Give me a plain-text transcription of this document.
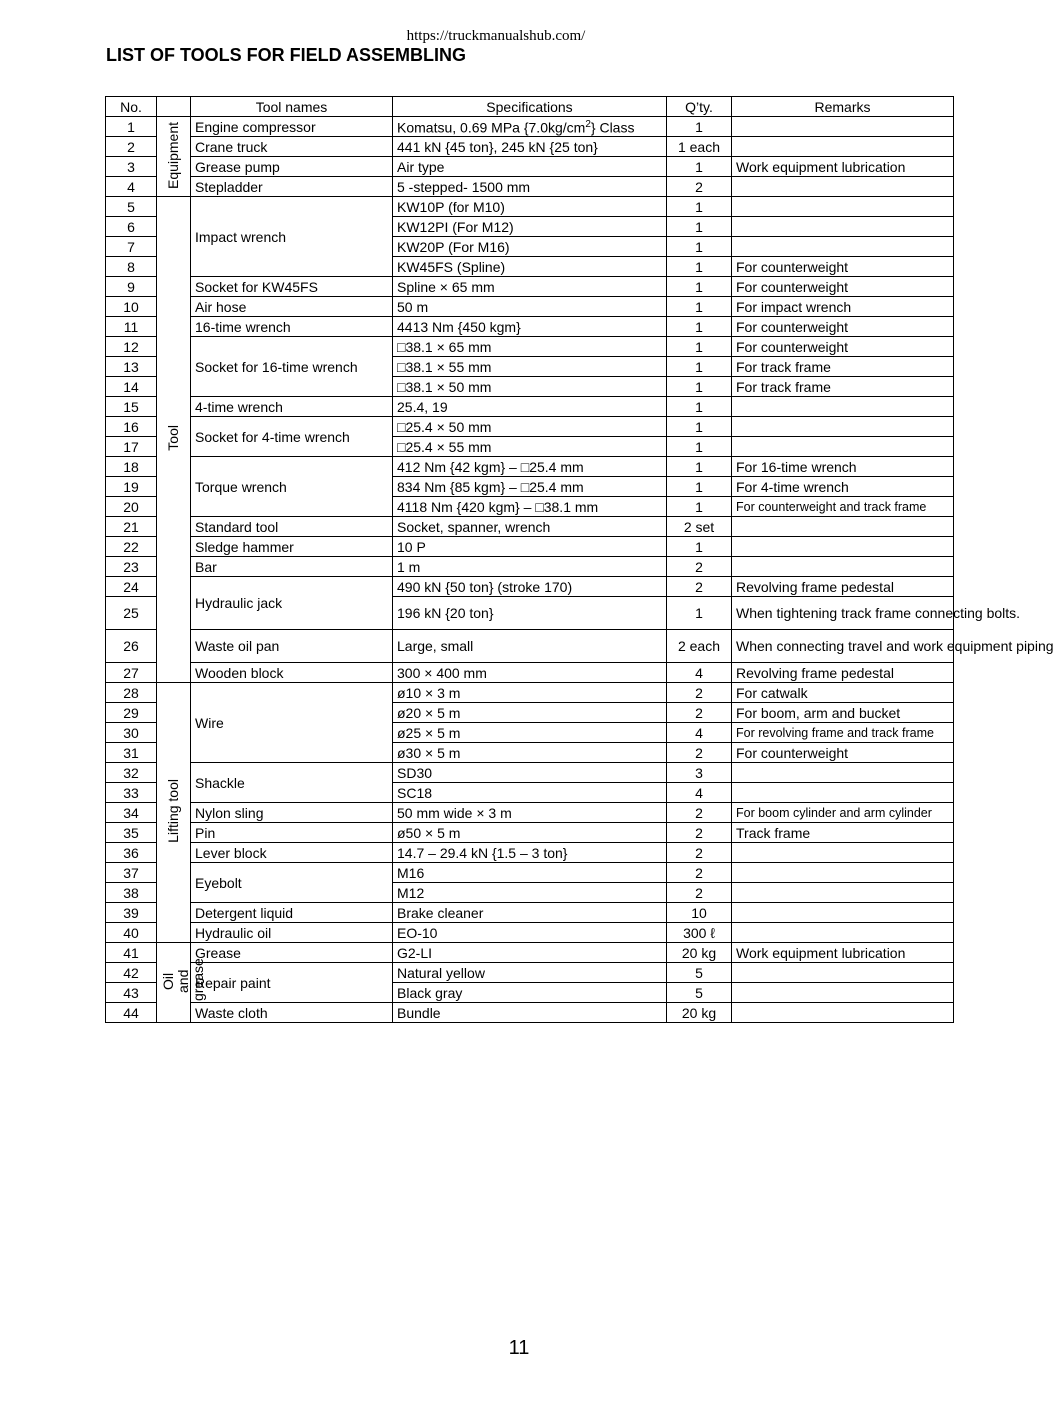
https://truckmanualshub.com/
LIST OF TOOLS FOR FIELD ASSEMBLING
No.		Tool names	Specifications	Q’ty.	Remarks
1	Equipment	Engine compressor	Komatsu, 0.69 MPa $\{7.0kg/cm^2\}$ Class	1	
2		Crane truck	441 kN {45 ton}, 245 kN {25 ton}	1 each	
3		Grease pump	Air type	1	Work equipment lubrication
4		Stepladder	5 -stepped- 1500 mm	2	
5	Tool	Impact wrench	KW10P (for M10)	1	
6			KW12PI (For M12)	1	
7			KW20P (For M16)	1	
8			KW45FS (Spline)	1	For counterweight
9		Socket for KW45FS	Spline × 65 mm	1	For counterweight
10		Air hose	50 m	1	For impact wrench
11		16-time wrench	4413 Nm {450 kgm}	1	For counterweight
12		Socket for 16-time wrench	□38.1 × 65 mm	1	For counterweight
13			□38.1 × 55 mm	1	For track frame
14			□38.1 × 50 mm	1	For track frame
15		4-time wrench	25.4, 19	1	
16		Socket for 4-time wrench	□25.4 × 50 mm	1	
17			□25.4 × 55 mm	1	
18		Torque wrench	412 Nm {42 kgm} – □25.4 mm	1	For 16-time wrench
19			834 Nm {85 kgm} – □25.4 mm	1	For 4-time wrench
20			4118 Nm {420 kgm} – □38.1 mm	1	For counterweight and track frame
21		Standard tool	Socket, spanner, wrench	2 set	
22		Sledge hammer	10 P	1	
23		Bar	1 m	2	
24		Hydraulic jack	490 kN {50 ton} (stroke 170)	2	Revolving frame pedestal
25			196 kN {20 ton}	1	When tightening track frame connecting bolts.
26		Waste oil pan	Large, small	2 each	When connecting travel and work equipment piping
27		Wooden block	300 × 400 mm	4	Revolving frame pedestal
28	Lifting tool	Wire	ø10 × 3 m	2	For catwalk
29			ø20 × 5 m	2	For boom, arm and bucket
30			ø25 × 5 m	4	For revolving frame and track frame
31			ø30 × 5 m	2	For counterweight
32		Shackle	SD30	3	
33			SC18	4	
34		Nylon sling	50 mm wide × 3 m	2	For boom cylinder and arm cylinder
35		Pin	ø50 × 5 m	2	Track frame
36		Lever block	14.7 – 29.4 kN {1.5 – 3 ton}	2	
37		Eyebolt	M16	2	
38			M12	2	
39		Detergent liquid	Brake cleaner	10	
40		Hydraulic oil	EO-10	300 ℓ	
41	Oil and grease	Grease	G2-LI	20 kg	Work equipment lubrication
42		Repair paint	Natural yellow	5	
43			Black gray	5	
44		Waste cloth	Bundle	20 kg	
11
